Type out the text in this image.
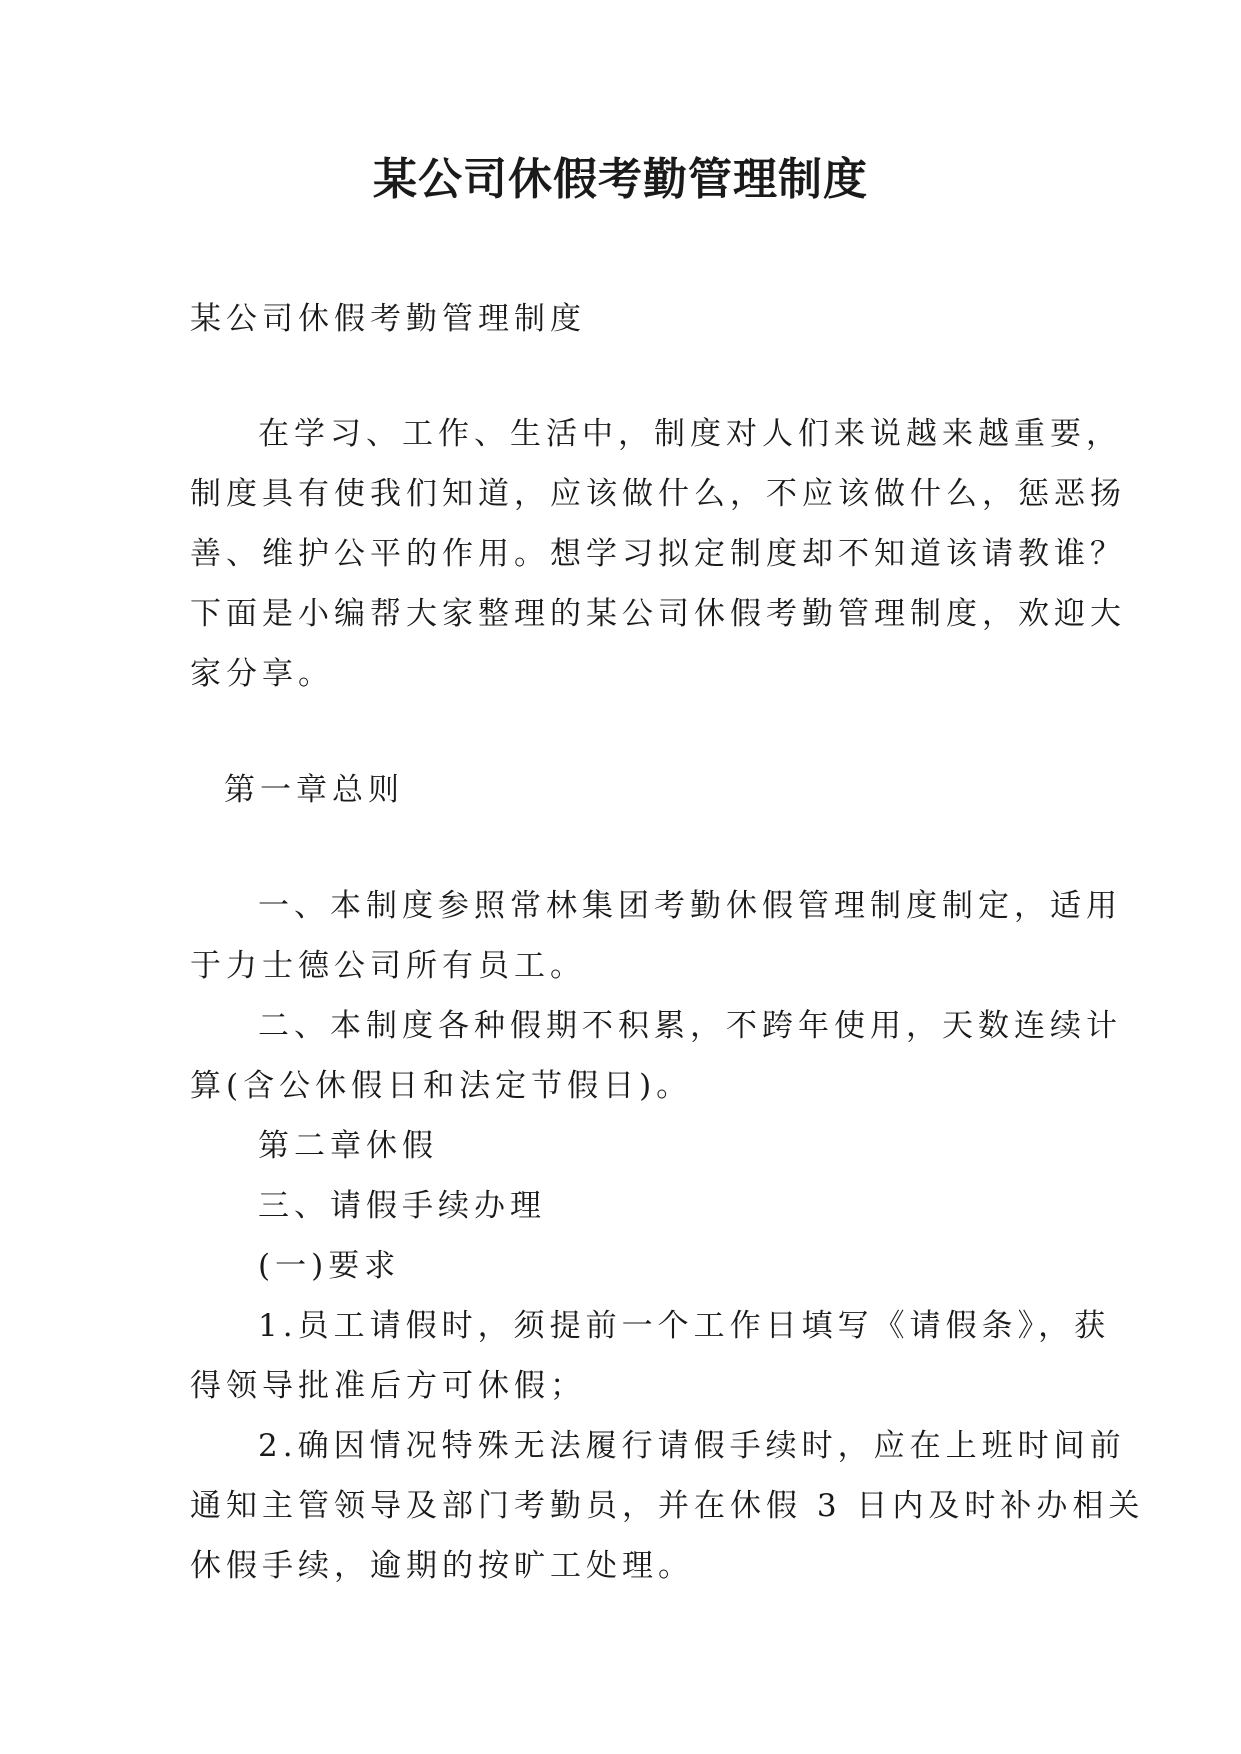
某公司休假考勤管理制度
某公司休假考勤管理制度
在学习、工作、生活中，制度对人们来说越来越重要，
制度具有使我们知道，应该做什么，不应该做什么，惩恶扬
善、维护公平的作用。想学习拟定制度却不知道该请教谁？
下面是小编帮大家整理的某公司休假考勤管理制度，欢迎大
家分享。
第一章总则
一、本制度参照常林集团考勤休假管理制度制定，适用
于力士德公司所有员工。
二、本制度各种假期不积累，不跨年使用，天数连续计
算(含公休假日和法定节假日)。
第二章休假
三、请假手续办理
(一)要求
1.员工请假时，须提前一个工作日填写《请假条》，获
得领导批准后方可休假；
2.确因情况特殊无法履行请假手续时，应在上班时间前
通知主管领导及部门考勤员，并在休假 3 日内及时补办相关
休假手续，逾期的按旷工处理。
